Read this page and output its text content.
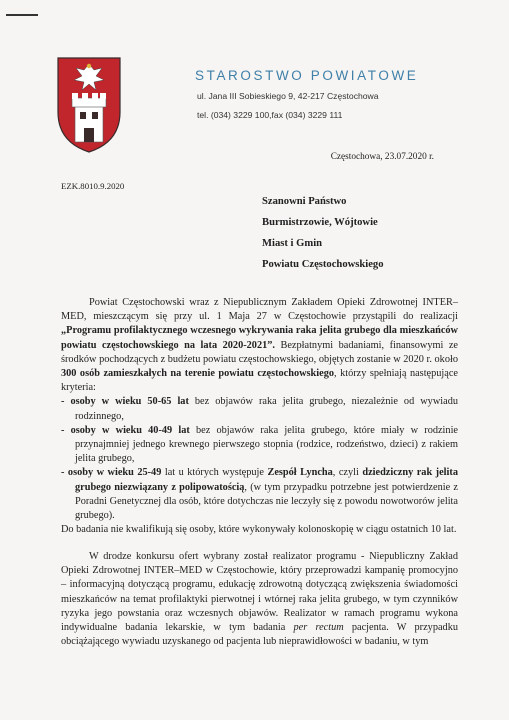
STAROSTWO POWIATOWE
ul. Jana III Sobieskiego 9, 42-217 Częstochowa
tel. (034) 3229 100,fax (034) 3229 111
Częstochowa, 23.07.2020 r.
EZK.8010.9.2020
Szanowni Państwo
Burmistrzowie, Wójtowie
Miast i Gmin
Powiatu Częstochowskiego

Powiat Częstochowski wraz z Niepublicznym Zakładem Opieki Zdrowotnej INTER–MED, mieszczącym się przy ul. 1 Maja 27 w Częstochowie przystąpili do realizacji „Programu profilaktycznego wczesnego wykrywania raka jelita grubego dla mieszkańców powiatu częstochowskiego na lata 2020-2021”. Bezpłatnymi badaniami, finansowymi ze środków pochodzących z budżetu powiatu częstochowskiego, objętych zostanie w 2020 r. około 300 osób zamieszkałych na terenie powiatu częstochowskiego, którzy spełniają następujące kryteria:

- osoby w wieku 50-65 lat bez objawów raka jelita grubego, niezależnie od wywiadu rodzinnego,

- osoby w wieku 40-49 lat bez objawów raka jelita grubego, które miały w rodzinie przynajmniej jednego krewnego pierwszego stopnia (rodzice, rodzeństwo, dzieci) z rakiem jelita grubego,

- osoby w wieku 25-49 lat u których występuje Zespół Lyncha, czyli dziedziczny rak jelita grubego niezwiązany z polipowatością, (w tym przypadku potrzebne jest potwierdzenie z Poradni Genetycznej dla osób, które dotychczas nie leczyły się z powodu nowotworów jelita grubego).

Do badania nie kwalifikują się osoby, które wykonywały kolonoskopię w ciągu ostatnich 10 lat.

W drodze konkursu ofert wybrany został realizator programu - Niepubliczny Zakład Opieki Zdrowotnej INTER–MED w Częstochowie, który przeprowadzi kampanię promocyjno – informacyjną dotyczącą programu, edukację zdrowotną dotyczącą zwiększenia świadomości mieszkańców na temat profilaktyki pierwotnej i wtórnej raka jelita grubego, w tym czynników ryzyka jego powstania oraz wczesnych objawów. Realizator w ramach programu wykona indywidualne badania lekarskie, w tym badania per rectum pacjenta. W przypadku obciążającego wywiadu uzyskanego od pacjenta lub nieprawidłowości w badaniu, w tym
